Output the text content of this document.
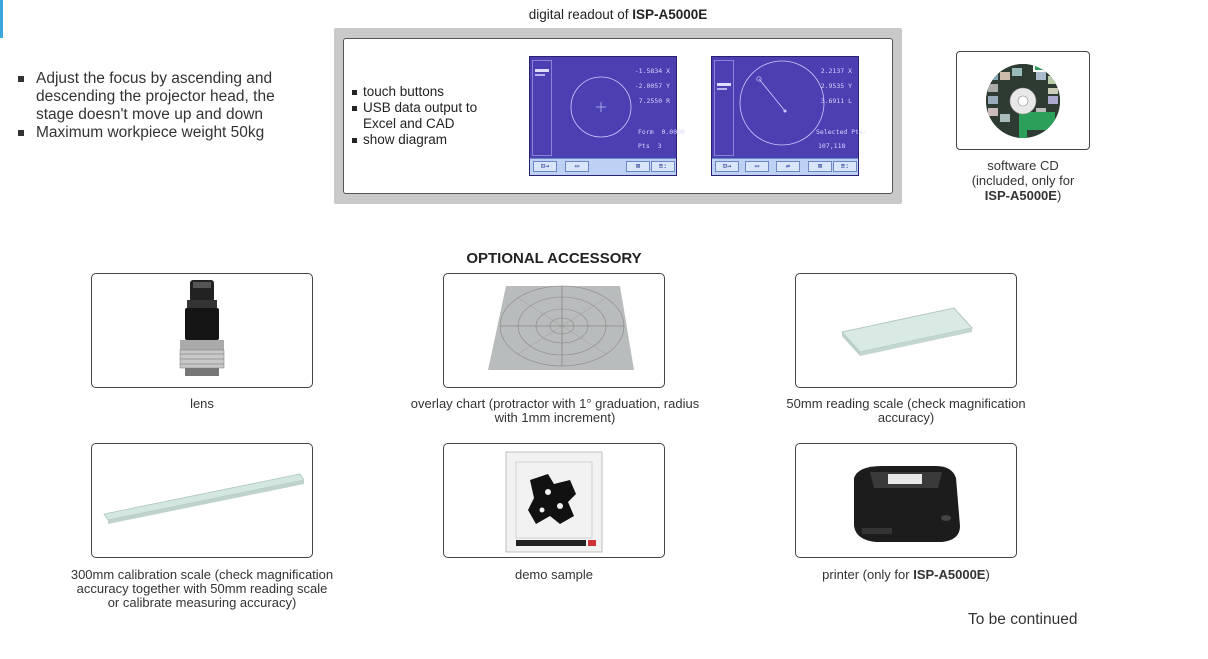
Adjust the focus by ascending and descending the projector head, the stage doesn't move up and down
Maximum workpiece weight 50kg
digital readout of ISP-A5000E
touch buttons
USB data output to Excel and CAD
show diagram
-1.5834 X
-2.0057 Y
7.2550 R
Form  0.0000
Pts  3
⊡→	▭	⊠	≡:
2.2137 X
2.9535 Y
3.6911 L
Selected Pts:
107,118
⊡→	▭	⇌	⊠	≡:	software CD
(included, only for
ISP-A5000E)
OPTIONAL ACCESSORY
lens	overlay chart (protractor with 1° graduation, radius with 1mm increment)
50mm reading scale (check magnification accuracy)
300mm calibration scale (check magnification accuracy together with 50mm reading scale or calibrate measuring accuracy)
demo sample	printer (only for ISP-A5000E)
To be continued
